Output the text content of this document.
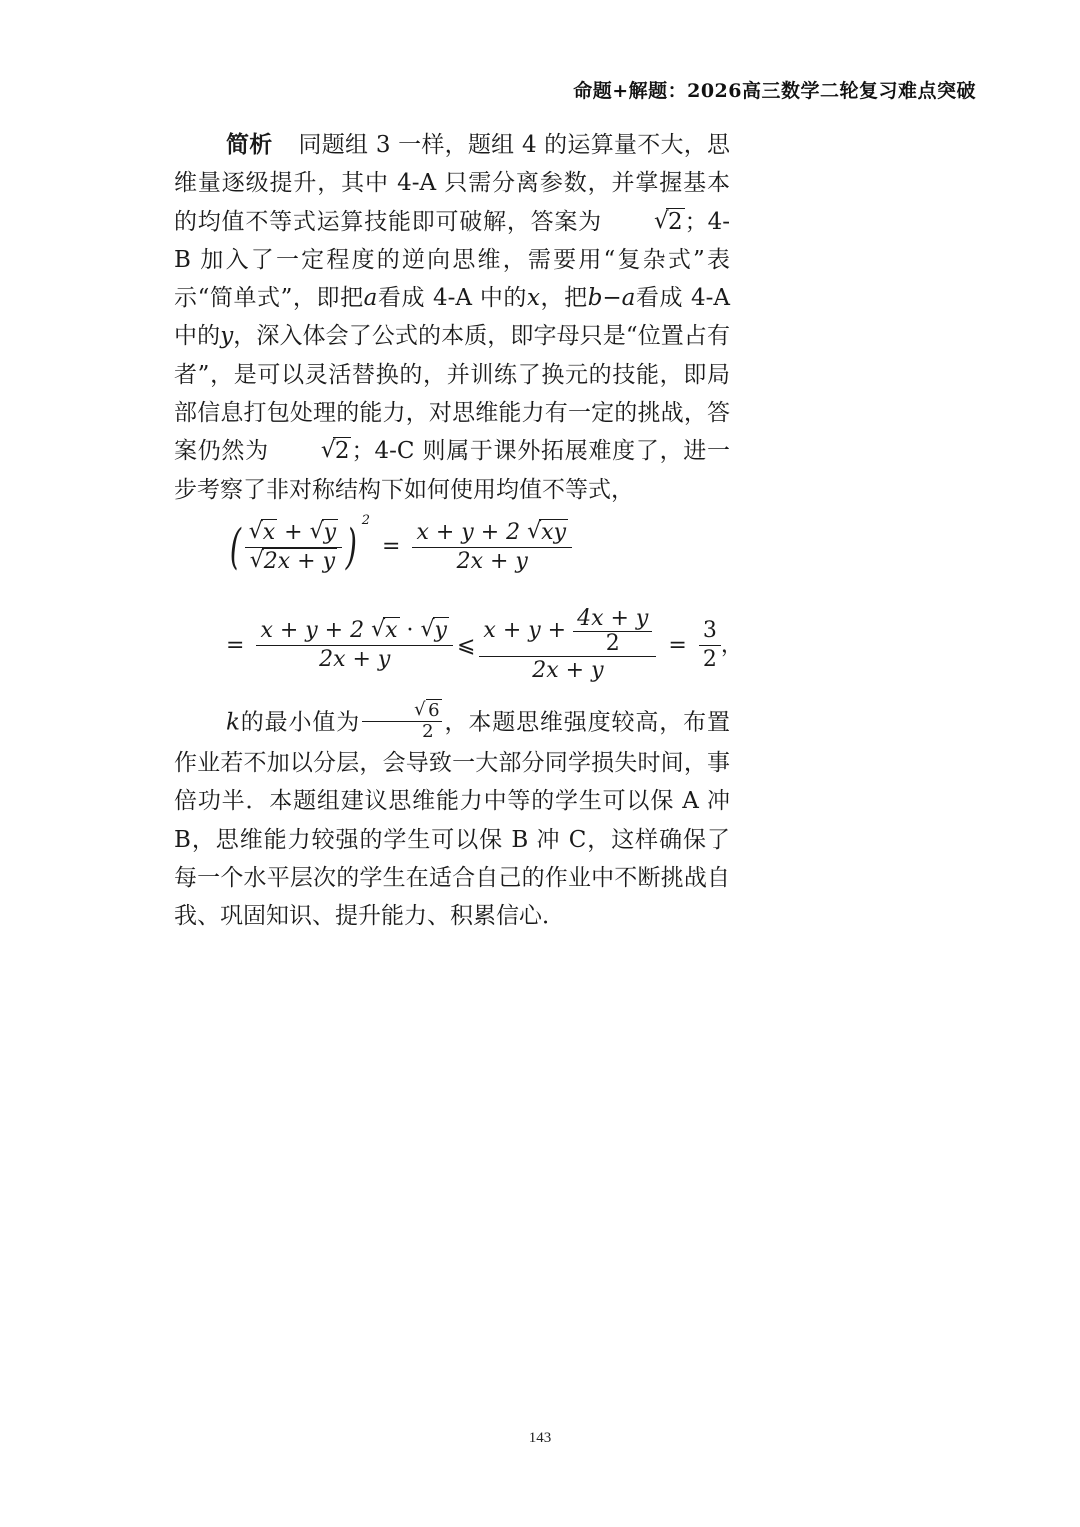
命题+解题：2026高三数学二轮复习难点突破

简析 同题组 3 一样，题组 4 的运算量不大，思维量逐级提升，其中 4-A 只需分离参数，并掌握基本的均值不等式运算技能即可破解，答案为	√ 2；4-B 加入了一定程度的逆向思维，需要用“复杂式”表示“简单式”，即把a看成 4-A 中的x，把b−a看成 4-A 中的y，深入体会了公式的本质，即字母只是“位置占有者”，是可以灵活替换的，并训练了换元的技能，即局部信息打包处理的能力，对思维能力有一定的挑战，答案仍然为	√ 2；4-C 则属于课外拓展难度了，进一步考察了非对称结构下如何使用均值不等式，

( √ x + √ y
√ 2x + y ) 2
= $\frac{x + y + 2 √ xy}{2x + y}$
= $\frac{x + y + 2 √ x \cdot √ y}{2x + y}$ ⩽ x + y +
$\frac{4x + y}{2}$
$2x + y = \frac{3}{2}$ ，

k的最小值为 √ $\frac{6}{2}$ ，本题思维强度较高，布置作业若不加以分层，会导致一大部分同学损失时间，事倍功半．本题组建议思维能力中等的学生可以保 A 冲 B，思维能力较强的学生可以保 B 冲 C，这样确保了每一个水平层次的学生在适合自己的作业中不断挑战自我、巩固知识、提升能力、积累信心．

143
